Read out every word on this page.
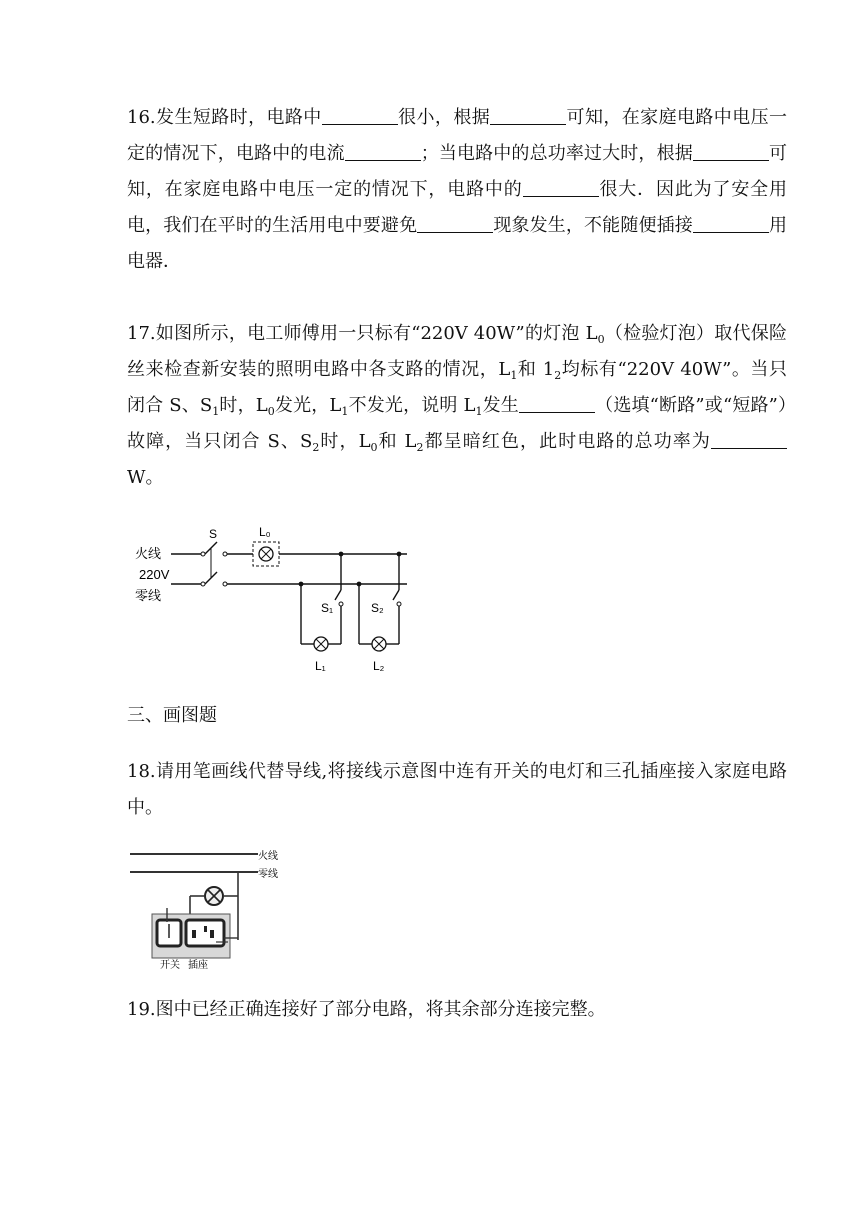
16.发生短路时，电路中	很小，根据	可知，在家庭电路中电压一定的情况下，电路中的电流	；当电路中的总功率过大时，根据	可知，在家庭电路中电压一定的情况下，电路中的	很大．因此为了安全用电，我们在平时的生活用电中要避免	现象发生，不能随便插接	用电器．
17.如图所示，电工师傅用一只标有“220V 40W”的灯泡 $L_0$（检验灯泡）取代保险丝来检查新安装的照明电路中各支路的情况，$L_1$和 $1_2$均标有“220V 40W”。当只闭合 S、$S_1$时，$L_0$发光，$L_1$不发光，说明 $L_1$发生	（选填“断路”或“短路”）故障，当只闭合 S、$S_2$时，$L_0$和 $L_2$都呈暗红色，此时电路的总功率为W。
火线
220V
零线
S	L₀
S₁
L₁
S₂
L₂
三、画图题
18.请用笔画线代替导线,将接线示意图中连有开关的电灯和三孔插座接入家庭电路中。
火线
零线
开关 插座
19.图中已经正确连接好了部分电路，将其余部分连接完整。
